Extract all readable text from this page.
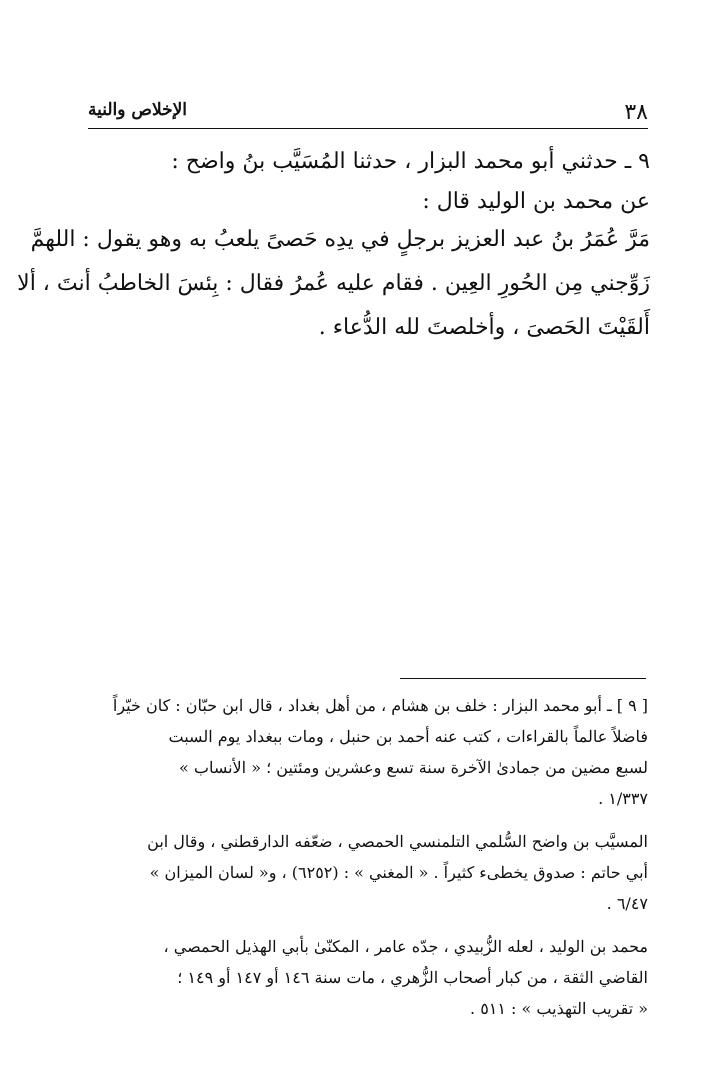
٣٨
الإخلاص والنية
٩ ـ حدثني أبو محمد البزار ، حدثنا المُسَيَّب بنُ واضح :
عن محمد بن الوليد قال :
مَرَّ عُمَرُ بنُ عبد العزيز برجلٍ في يدِه حَصىً يلعبُ به وهو يقول : اللهمَّ
زَوِّجني مِن الحُورِ العِين . فقام عليه عُمرُ فقال : بِئسَ الخاطبُ أنتَ ، ألا
أَلقَيْتَ الحَصىَ ، وأخلصتَ لله الدُّعاء .

[ ٩ ] ـ أبو محمد البزار : خلف بن هشام ، من أهل بغداد ، قال ابن حبّان : كان خيّراً
فاضلاً عالماً بالقراءات ، كتب عنه أحمد بن حنبل ، ومات ببغداد يوم السبت
لسبع مضين من جمادىٰ الآخرة سنة تسع وعشرين ومئتين ؛ « الأنساب »
١/٣٣٧ .

المسيَّب بن واضح السُّلمي التلمنسي الحمصي ، ضعّفه الدارقطني ، وقال ابن
أبي حاتم : صدوق يخطىء كثيراً . « المغني » : (٦٢٥٢) ، و« لسان الميزان »
٦/٤٧ .

محمد بن الوليد ، لعله الزُّبيدي ، جدّه عامر ، المكنّىٰ بأبي الهذيل الحمصي ،
القاضي الثقة ، من كبار أصحاب الزُّهري ، مات سنة ١٤٦ أو ١٤٧ أو ١٤٩ ؛
« تقريب التهذيب » : ٥١١ .
